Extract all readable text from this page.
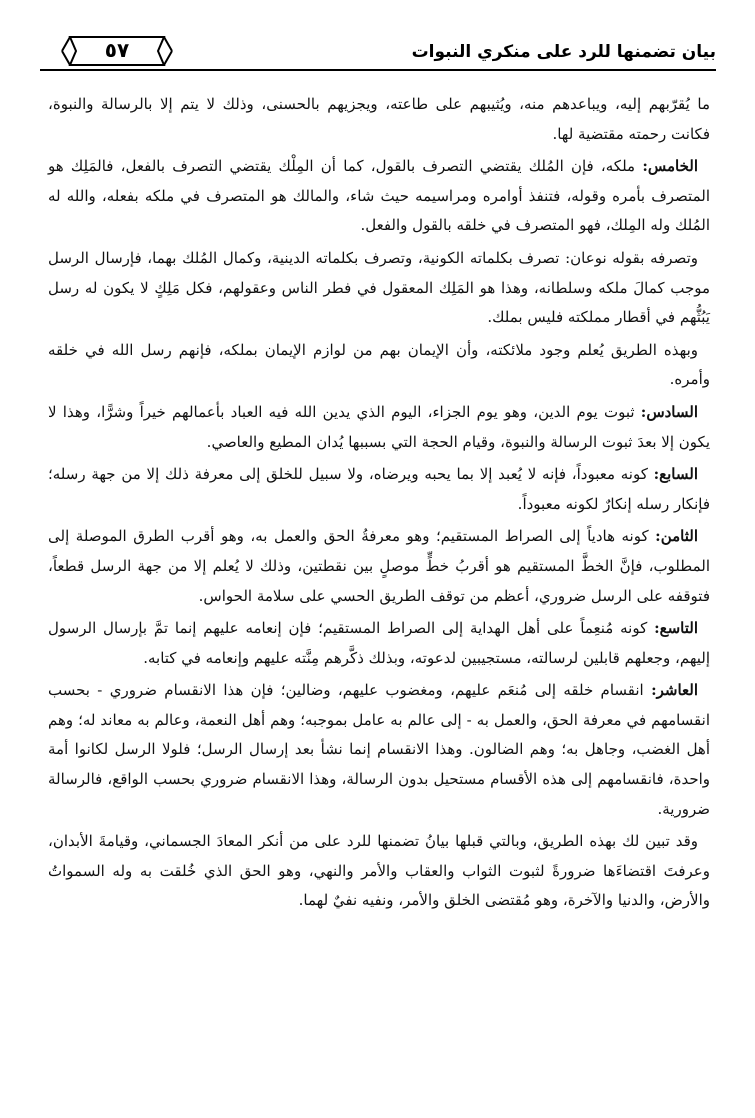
بيان تضمنها للرد على منكري النبوات
٥٧

ما يُقرّبهم إليه، ويباعدهم منه، ويُثيبهم على طاعته، ويجزيهم بالحسنى، وذلك لا يتم إلا بالرسالة والنبوة، فكانت رحمته مقتضية لها.

الخامس: ملكه، فإن المُلك يقتضي التصرف بالقول، كما أن المِلْك يقتضي التصرف بالفعل، فالمَلِك هو المتصرف بأمره وقوله، فتنفذ أوامره ومراسيمه حيث شاء، والمالك هو المتصرف في ملكه بفعله، والله له المُلك وله المِلك، فهو المتصرف في خلقه بالقول والفعل.

وتصرفه بقوله نوعان: تصرف بكلماته الكونية، وتصرف بكلماته الدينية، وكمال المُلك بهما، فإرسال الرسل موجب كمالَ ملكه وسلطانه، وهذا هو المَلِك المعقول في فطر الناس وعقولهم، فكل مَلِكٍ لا يكون له رسل يَبُثُّهم في أقطار مملكته فليس بملك.

وبهذه الطريق يُعلم وجود ملائكته، وأن الإيمان بهم من لوازم الإيمان بملكه، فإنهم رسل الله في خلقه وأمره.

السادس: ثبوت يوم الدين، وهو يوم الجزاء، اليوم الذي يدين الله فيه العباد بأعمالهم خيراً وشرًّا، وهذا لا يكون إلا بعدَ ثبوت الرسالة والنبوة، وقيام الحجة التي بسببها يُدان المطيع والعاصي.

السابع: كونه معبوداً، فإنه لا يُعبد إلا بما يحبه ويرضاه، ولا سبيل للخلق إلى معرفة ذلك إلا من جهة رسله؛ فإنكار رسله إنكارٌ لكونه معبوداً.

الثامن: كونه هادياً إلى الصراط المستقيم؛ وهو معرفةُ الحق والعمل به، وهو أقرب الطرق الموصلة إلى المطلوب، فإنَّ الخطَّ المستقيم هو أقربُ خطٍّ موصلٍ بين نقطتين، وذلك لا يُعلم إلا من جهة الرسل قطعاً، فتوقفه على الرسل ضروري، أعظم من توقف الطريق الحسي على سلامة الحواس.

التاسع: كونه مُنعِماً على أهل الهداية إلى الصراط المستقيم؛ فإن إنعامه عليهم إنما تمَّ بإرسال الرسول إليهم، وجعلهم قابلين لرسالته، مستجيبين لدعوته، وبذلك ذكَّرهم مِنَّته عليهم وإنعامه في كتابه.

العاشر: انقسام خلقه إلى مُنعَم عليهم، ومغضوب عليهم، وضالين؛ فإن هذا الانقسام ضروري - بحسب انقسامهم في معرفة الحق، والعمل به - إلى عالم به عامل بموجبه؛ وهم أهل النعمة، وعالم به معاند له؛ وهم أهل الغضب، وجاهل به؛ وهم الضالون. وهذا الانقسام إنما نشأ بعد إرسال الرسل؛ فلولا الرسل لكانوا أمة واحدة، فانقسامهم إلى هذه الأقسام مستحيل بدون الرسالة، وهذا الانقسام ضروري بحسب الواقع، فالرسالة ضرورية.

وقد تبين لك بهذه الطريق، وبالتي قبلها بيانُ تضمنها للرد على من أنكر المعادَ الجسماني، وقيامةَ الأبدان، وعرفتَ اقتضاءَها ضرورةً لثبوت الثواب والعقاب والأمر والنهي، وهو الحق الذي خُلقت به وله السمواتُ والأرض، والدنيا والآخرة، وهو مُقتضى الخلق والأمر، ونفيه نفيٌ لهما.
